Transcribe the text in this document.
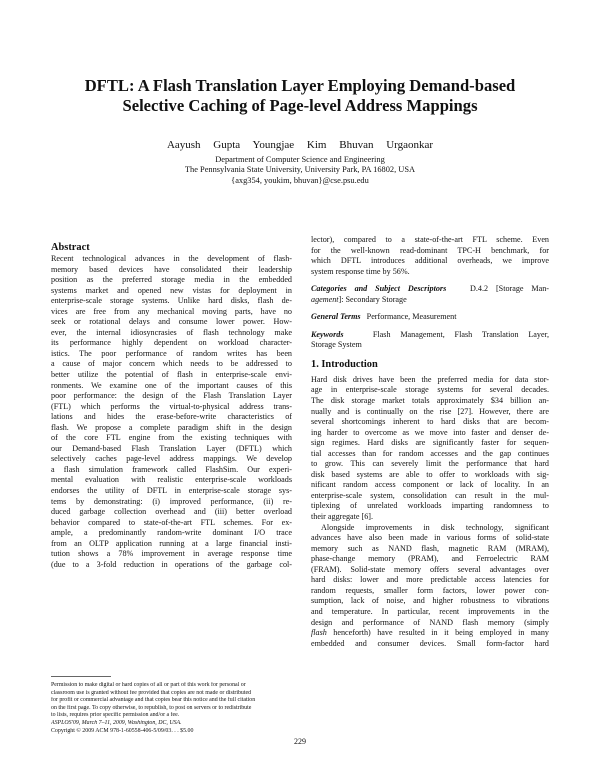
DFTL: A Flash Translation Layer Employing Demand-based
Selective Caching of Page-level Address Mappings
Aayush Gupta Youngjae Kim Bhuvan Urgaonkar
Department of Computer Science and Engineering
The Pennsylvania State University, University Park, PA 16802, USA
{axg354, youkim, bhuvan}@cse.psu.edu
Abstract
Recent technological advances in the development of flash-
memory based devices have consolidated their leadership
position as the preferred storage media in the embedded
systems market and opened new vistas for deployment in
enterprise-scale storage systems. Unlike hard disks, flash de-
vices are free from any mechanical moving parts, have no
seek or rotational delays and consume lower power. How-
ever, the internal idiosyncrasies of flash technology make
its performance highly dependent on workload character-
istics. The poor performance of random writes has been
a cause of major concern which needs to be addressed to
better utilize the potential of flash in enterprise-scale envi-
ronments. We examine one of the important causes of this
poor performance: the design of the Flash Translation Layer
(FTL) which performs the virtual-to-physical address trans-
lations and hides the erase-before-write characteristics of
flash. We propose a complete paradigm shift in the design
of the core FTL engine from the existing techniques with
our Demand-based Flash Translation Layer (DFTL) which
selectively caches page-level address mappings. We develop
a flash simulation framework called FlashSim. Our experi-
mental evaluation with realistic enterprise-scale workloads
endorses the utility of DFTL in enterprise-scale storage sys-
tems by demonstrating: (i) improved performance, (ii) re-
duced garbage collection overhead and (iii) better overload
behavior compared to state-of-the-art FTL schemes. For ex-
ample, a predominantly random-write dominant I/O trace
from an OLTP application running at a large financial insti-
tution shows a 78% improvement in average response time
(due to a 3-fold reduction in operations of the garbage col-
Permission to make digital or hard copies of all or part of this work for personal or
classroom use is granted without fee provided that copies are not made or distributed
for profit or commercial advantage and that copies bear this notice and the full citation
on the first page. To copy otherwise, to republish, to post on servers or to redistribute
to lists, requires prior specific permission and/or a fee.
ASPLOS'09, March 7–11, 2009, Washington, DC, USA.
Copyright © 2009 ACM 978-1-60558-406-5/09/03. . . $5.00
lector), compared to a state-of-the-art FTL scheme. Even
for the well-known read-dominant TPC-H benchmark, for
which DFTL introduces additional overheads, we improve
system response time by 56%.
Categories and Subject Descriptors	D.4.2 [Storage Man-
agement]: Secondary Storage
General Terms Performance, Measurement
Keywords	Flash Management, Flash Translation Layer,
Storage System
1. Introduction
Hard disk drives have been the preferred media for data stor-
age in enterprise-scale storage systems for several decades.
The disk storage market totals approximately $34 billion an-
nually and is continually on the rise [27]. However, there are
several shortcomings inherent to hard disks that are becom-
ing harder to overcome as we move into faster and denser de-
sign regimes. Hard disks are significantly faster for sequen-
tial accesses than for random accesses and the gap continues
to grow. This can severely limit the performance that hard
disk based systems are able to offer to workloads with sig-
nificant random access component or lack of locality. In an
enterprise-scale system, consolidation can result in the mul-
tiplexing of unrelated workloads imparting randomness to
their aggregate [6].
Alongside improvements in disk technology, significant
advances have also been made in various forms of solid-state
memory such as NAND flash, magnetic RAM (MRAM),
phase-change memory (PRAM), and Ferroelectric RAM
(FRAM). Solid-state memory offers several advantages over
hard disks: lower and more predictable access latencies for
random requests, smaller form factors, lower power con-
sumption, lack of noise, and higher robustness to vibrations
and temperature. In particular, recent improvements in the
design and performance of NAND flash memory (simply
flash henceforth) have resulted in it being employed in many
embedded and consumer devices. Small form-factor hard
229
